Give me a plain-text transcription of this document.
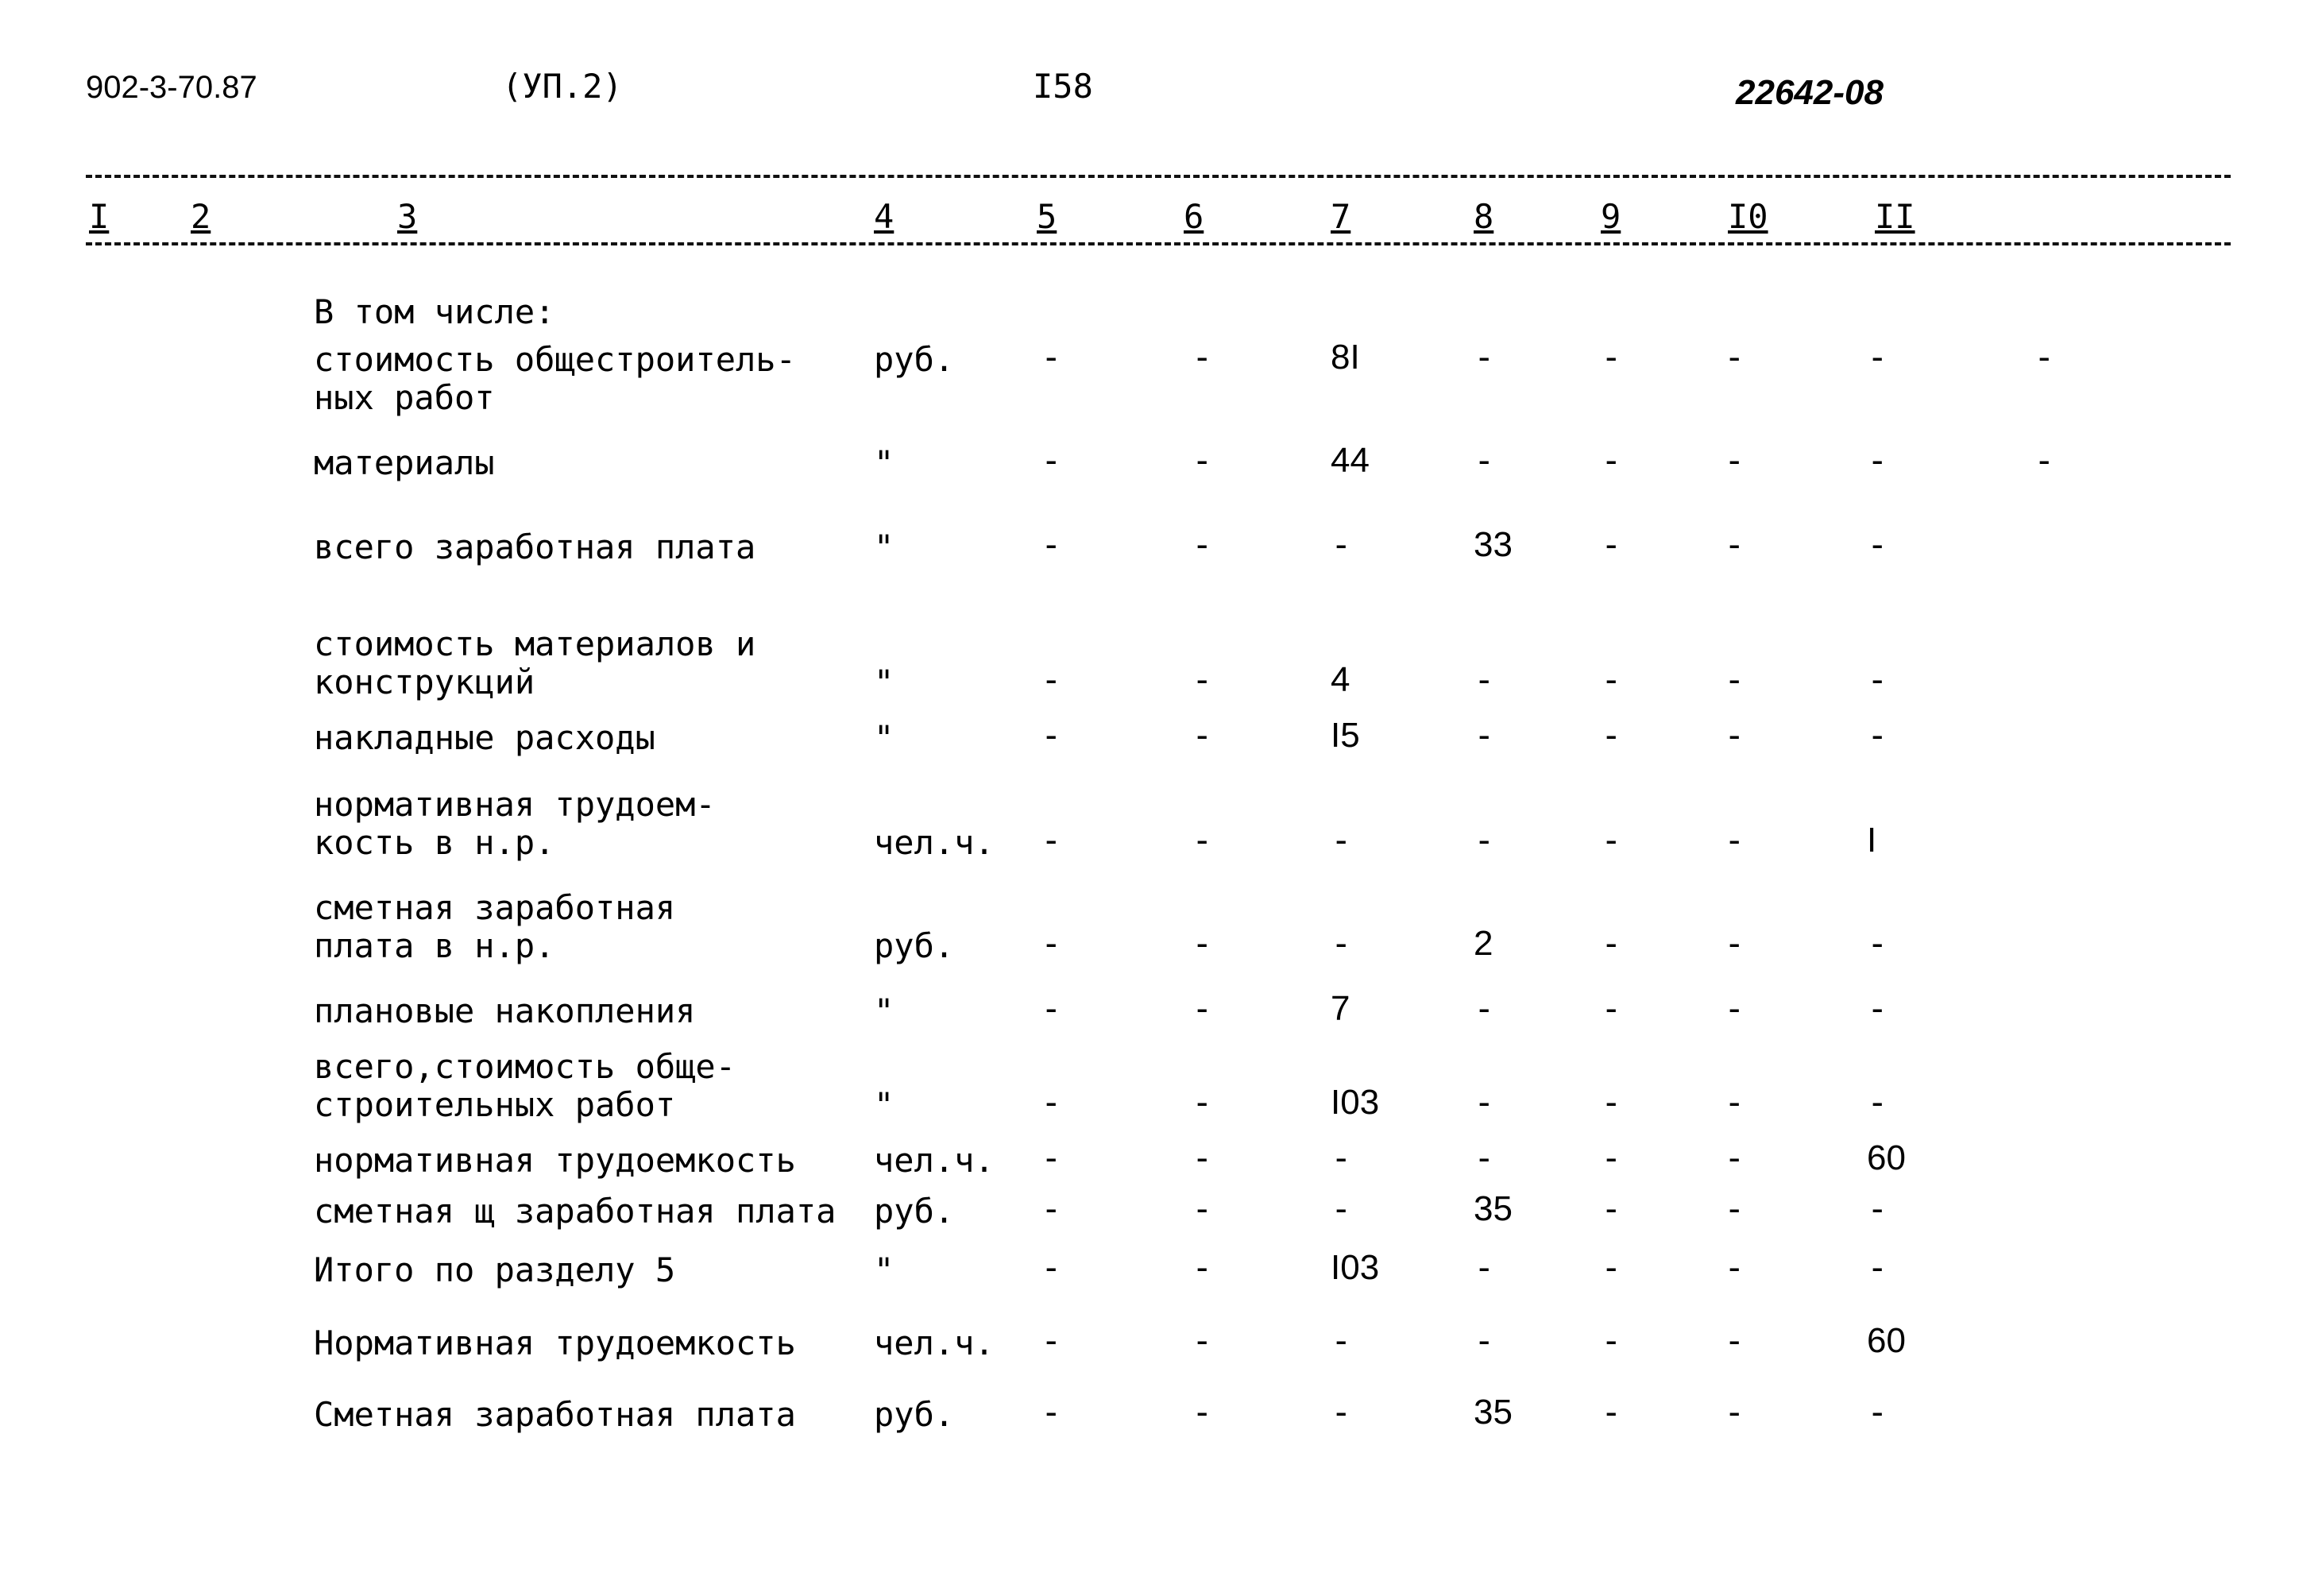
902-3-70.87	(УП.2)	I58	22642-08
I 2	3	4	5	6	7	8	9	I0	II
В том числе:
стоимость общестроитель-
ных работ
руб. -	-	8I	-	-	-	-	-
материалы	"	-	-	44	-	-	-	-	-
всего заработная плата	"	-	-	-	33	-	-	-
стоимость материалов и
конструкций	"	-	-	4	-	-	-	-
накладные расходы	"	-	-	I5	-	-	-	-
нормативная трудоем-
кость в н.р.	чел.ч. -	-	-	-	-	-	I
сметная заработная
плата в н.р.	руб. -	-	-	2	-	-	-
плановые накопления	"	-	-	7	-	-	-	-
всего,стоимость обще-
строительных работ	"	-	-	I03	-	-	-	-
нормативная трудоемкость чел.ч. -	-	-	-	-	-	60
сметная щ заработная плата руб. -	-	-	35	-	-	-
Итого по разделу 5	"	-	-	I03	-	-	-	-
Нормативная трудоемкость чел.ч. -	-	-	-	-	-	60
Сметная заработная плата руб. -	-	-	35	-	-	-
